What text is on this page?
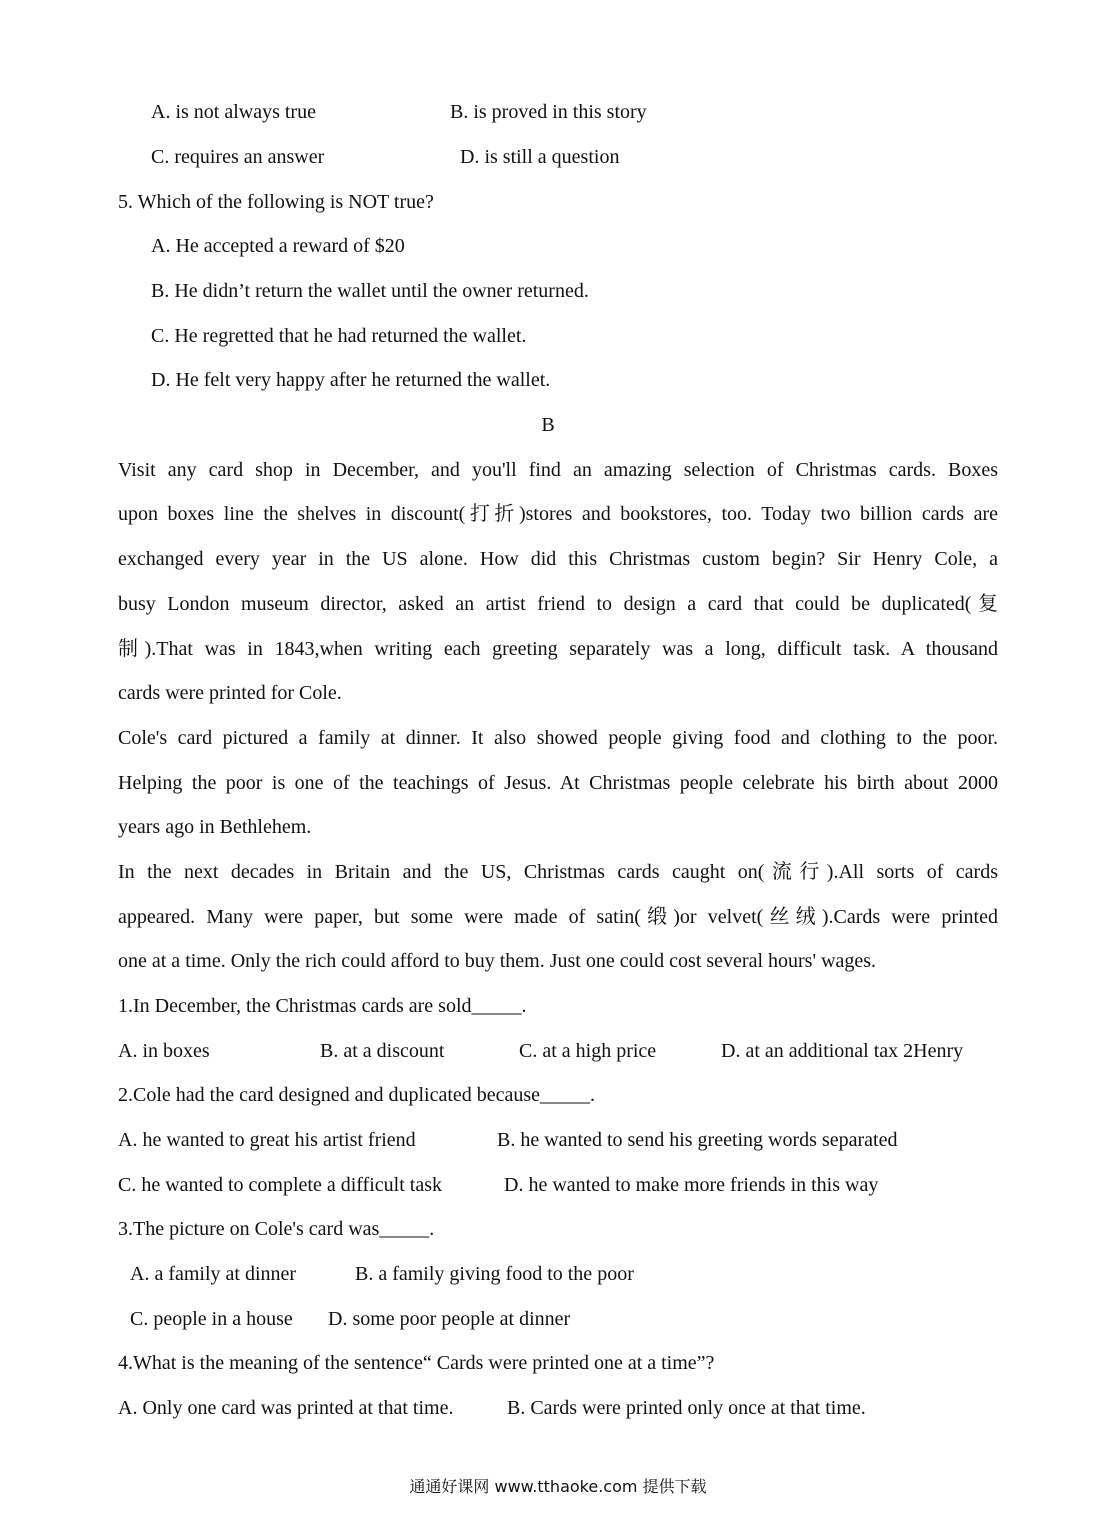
A. is not always true	B. is proved in this story
C. requires an answer	D. is still a question
5. Which of the following is NOT true?
A. He accepted a reward of $20
B. He didn’t return the wallet until the owner returned.
C. He regretted that he had returned the wallet.
D. He felt very happy after he returned the wallet.
B
Visit any card shop in December, and you'll find an amazing selection of Christmas cards. Boxes
upon boxes line the shelves in discount(打折)stores and bookstores, too. Today two billion cards are
exchanged every year in the US alone. How did this Christmas custom begin? Sir Henry Cole, a
busy London museum director, asked an artist friend to design a card that could be duplicated(复
制).That was in 1843,when writing each greeting separately was a long, difficult task. A thousand
cards were printed for Cole.
Cole's card pictured a family at dinner. It also showed people giving food and clothing to the poor.
Helping the poor is one of the teachings of Jesus. At Christmas people celebrate his birth about 2000
years ago in Bethlehem.
In the next decades in Britain and the US, Christmas cards caught on(流行).All sorts of cards
appeared. Many were paper, but some were made of satin(缎)or velvet(丝绒).Cards were printed
one at a time. Only the rich could afford to buy them. Just one could cost several hours' wages.
1.In December, the Christmas cards are sold_____.
A. in boxes	B. at a discount	C. at a high price	D. at an additional tax 2Henry
2.Cole had the card designed and duplicated because_____.
A. he wanted to great his artist friend	B. he wanted to send his greeting words separated
C. he wanted to complete a difficult task	D. he wanted to make more friends in this way
3.The picture on Cole's card was_____.
A. a family at dinner	B. a family giving food to the poor
C. people in a house D. some poor people at dinner
4.What is the meaning of the sentence“ Cards were printed one at a time”?
A. Only one card was printed at that time.	B. Cards were printed only once at that time.
通通好课网 www.tthaoke.com 提供下载
